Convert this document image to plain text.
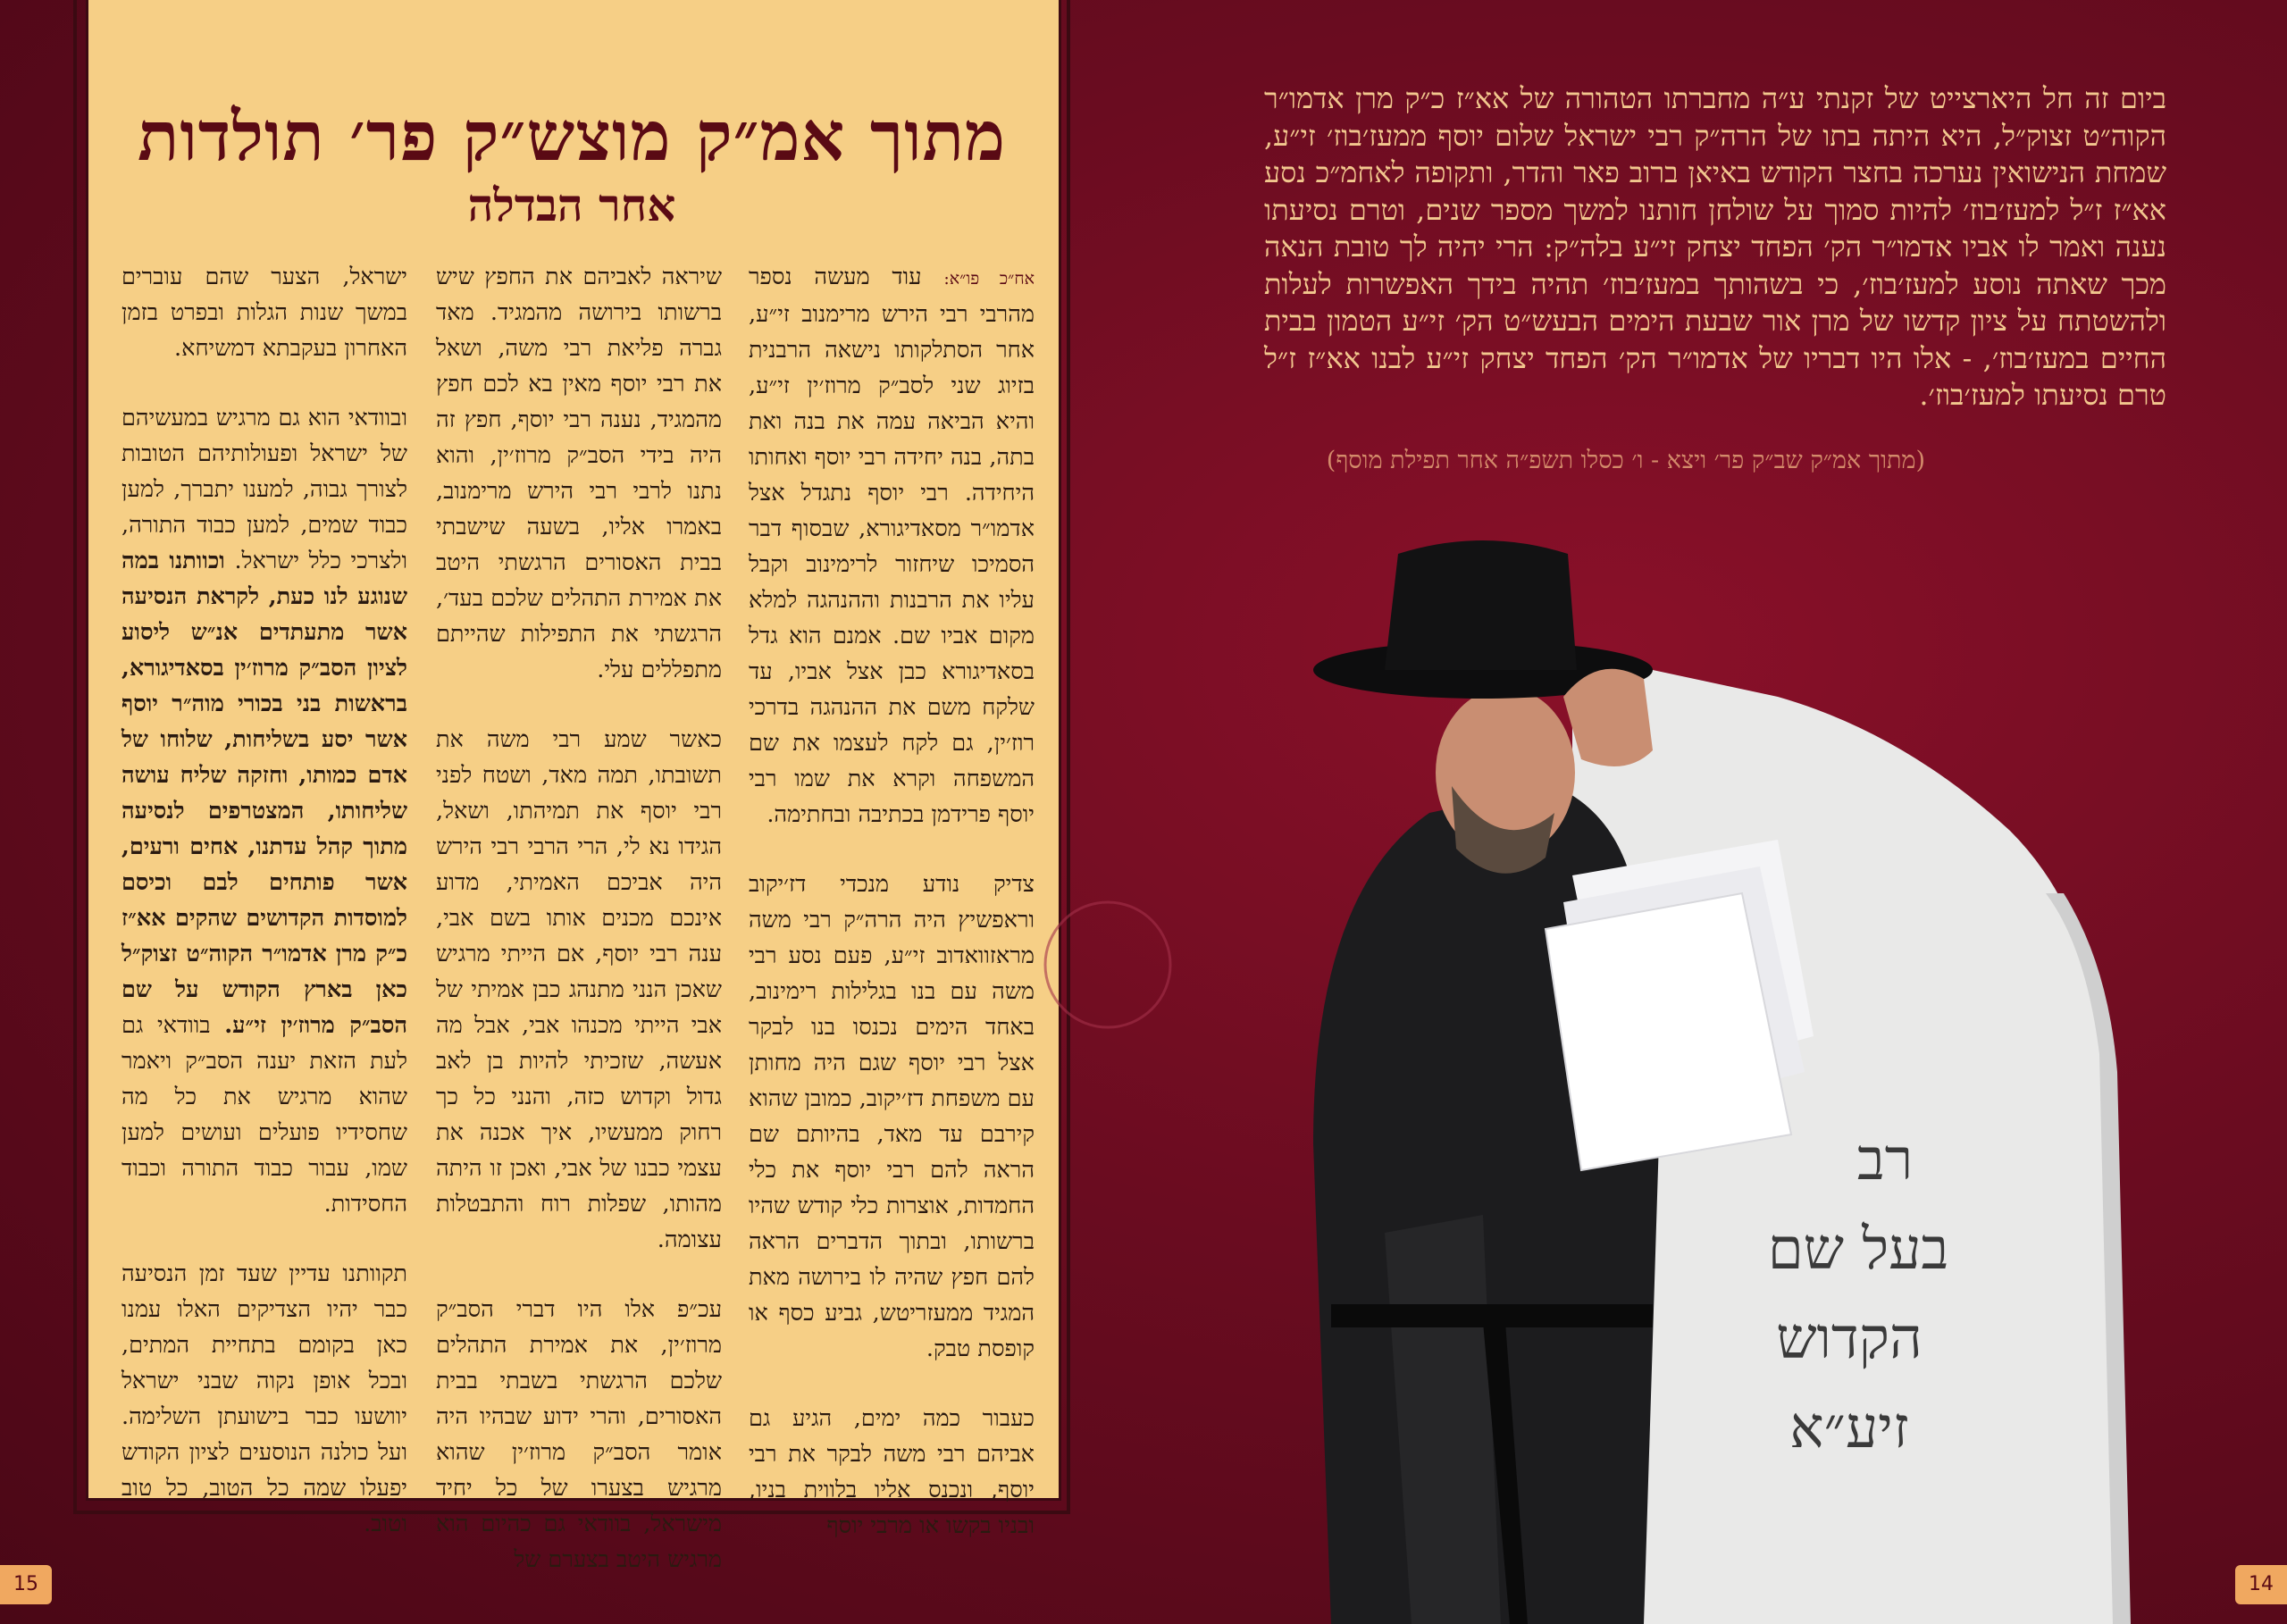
מתוך אמ״ק מוצש״ק פר׳ תולדות
אחר הבדלה

אח״כ פו״א: עוד מעשה נספר מהרבי רבי הירש מרימנוב זי״ע, אחר הסתלקותו נישאה הרבנית בזיוג שני לסב״ק מרוז׳ין זי״ע, והיא הביאה עמה את בנה ואת בתה, בנה יחידה רבי יוסף ואחותו היחידה. רבי יוסף נתגדל אצל אדמו״ר מסאדיגורא, שבסוף דבר הסמיכו שיחזור לרימינוב וקבל עליו את הרבנות וההנהגה למלא מקום אביו שם. אמנם הוא גדל בסאדיגורא כבן אצל אביו, עד שלקח משם את ההנהגה בדרכי רוז׳ין, גם לקח לעצמו את שם המשפחה וקרא את שמו רבי יוסף פרידמן בכתיבה ובחתימה.

צדיק נודע מנכדי דז׳יקוב וראפשיץ היה הרה״ק רבי משה מראזוואדוב זי״ע, פעם נסע רבי משה עם בנו בגלילות רימינוב, באחד הימים נכנסו בנו לבקר אצל רבי יוסף שגם היה מחותן עם משפחת דז׳יקוב, כמובן שהוא קירבם עד מאד, בהיותם שם הראה להם רבי יוסף את כלי החמדות, אוצרות כלי קודש שהיו ברשותו, ובתוך הדברים הראה להם חפץ שהיה לו בירושה מאת המגיד ממעזריטש, גביע כסף או קופסת טבק.

כעבור כמה ימים, הגיע גם אביהם רבי משה לבקר את רבי יוסף, ונכנס אליו בלווית בניו, ובניו בקשו או מרבי יוסף

שיראה לאביהם את החפץ שיש ברשותו בירושה מהמגיד. מאד גברה פליאת רבי משה, ושאל את רבי יוסף מאין בא לכם חפץ מהמגיד, נענה רבי יוסף, חפץ זה היה בידי הסב״ק מרוז׳ין, והוא נתנו לרבי רבי הירש מרימנוב, באמרו אליו, בשעה שישבתי בבית האסורים הרגשתי היטב את אמירת התהלים שלכם בעד׳, הרגשתי את התפילות שהייתם מתפללים עלי.

כאשר שמע רבי משה את תשובתו, תמה מאד, ושטח לפני רבי יוסף את תמיהתו, ושאל, הגידו נא לי, הרי הרבי רבי הירש היה אביכם האמיתי, מדוע אינכם מכנים אותו בשם אבי, ענה רבי יוסף, אם הייתי מרגיש שאכן הנני מתנהג כבן אמיתי של אבי הייתי מכנהו אבי, אבל מה אעשה, שזכיתי להיות בן לאב גדול וקדוש כזה, והנני כל כך רחוק ממעשיו, איך אכנה את עצמי כבנו של אבי, ואכן זו היתה מהותו, שפלות רוח והתבטלות עצומה.

עכ״פ אלו היו דברי הסב״ק מרוז׳ין, את אמירת התהלים שלכם הרגשתי בשבתי בבית האסורים, והרי ידוע שבהיו היה אומר הסב״ק מרוז׳ין שהוא מרגיש בצערו של כל יחיד מישראל, בוודאי גם כהיום הוא מרגיש היטב בצערם של

ישראל, הצער שהם עוברים במשך שנות הגלות ובפרט בזמן האחרון בעקבתא דמשיחא.

ובוודאי הוא גם מרגיש במעשיהם של ישראל ופעולותיהם הטובות לצורך גבוה, למענו יתברך, למען כבוד שמים, למען כבוד התורה, ולצרכי כלל ישראל. וכוותנו במה שנוגע לנו כעת, לקראת הנסיעה אשר מתעתדים אנ״ש ליסוע לציון הסב״ק מרוז׳ין בסאדיגורא, בראשות בני בכורי מוה״ר יוסף אשר יסע בשליחות, שלוחו של אדם כמותו, וחזקה שליח עושה שליחותו, המצטרפים לנסיעה מתוך קהל עדתנו, אחים ורעים, אשר פותחים לבם וכיסם למוסדות הקדושים שהקים אא״ז כ״ק מרן אדמו״ר הקוה״ט זצוק״ל כאן בארץ הקודש על שם הסב״ק מרוז׳ין זי״ע. בוודאי גם לעת הזאת יענה הסב״ק ויאמר שהוא מרגיש את כל מה שחסידיו פועלים ועושים למען שמו, עבור כבוד התורה וכבוד החסידות.

תקוותנו עדיין שעד זמן הנסיעה כבר יהיו הצדיקים האלו עמנו כאן בקומם בתחיית המתים, ובכל אופן נקוה שבני ישראל יוושעו כבר בישועתן השלימה. ועל כולנה הנוסעים לציון הקודש יפעלו שמה כל הטוב, כל טוב וטוב.

15
ביום זה חל היארצייט של זקנתי ע״ה מחברתו הטהורה של אא״ז כ״ק מרן אדמו״ר הקוה״ט זצוק״ל, היא היתה בתו של הרה״ק רבי ישראל שלום יוסף ממעז׳בוז׳ זי״ע, שמחת הנישואין נערכה בחצר הקודש באיאן ברוב פאר והדר, ותקופה לאחמ״כ נסע אא״ז ז״ל למעז׳בוז׳ להיות סמוך על שולחן חותנו למשך מספר שנים, וטרם נסיעתו נענה ואמר לו אביו אדמו״ר הק׳ הפחד יצחק זי״ע בלה״ק: הרי יהיה לך טובת הנאה מכך שאתה נוסע למעז׳בוז׳, כי בשהותך במעז׳בוז׳ תהיה בידך האפשרות לעלות ולהשטתח על ציון קדשו של מרן אור שבעת הימים הבעש״ט הק׳ זי״ע הטמון בבית החיים במעז׳בוז׳, - אלו היו דבריו של אדמו״ר הק׳ הפחד יצחק זי״ע לבנו אא״ז ז״ל טרם נסיעתו למעז׳בוז׳.
(מתוך אמ״ק שב״ק פר׳ ויצא - ו׳ כסלו תשפ״ה אחר תפילת מוסף)
רב
בעל שם
הקדוש
זיע״א
14
